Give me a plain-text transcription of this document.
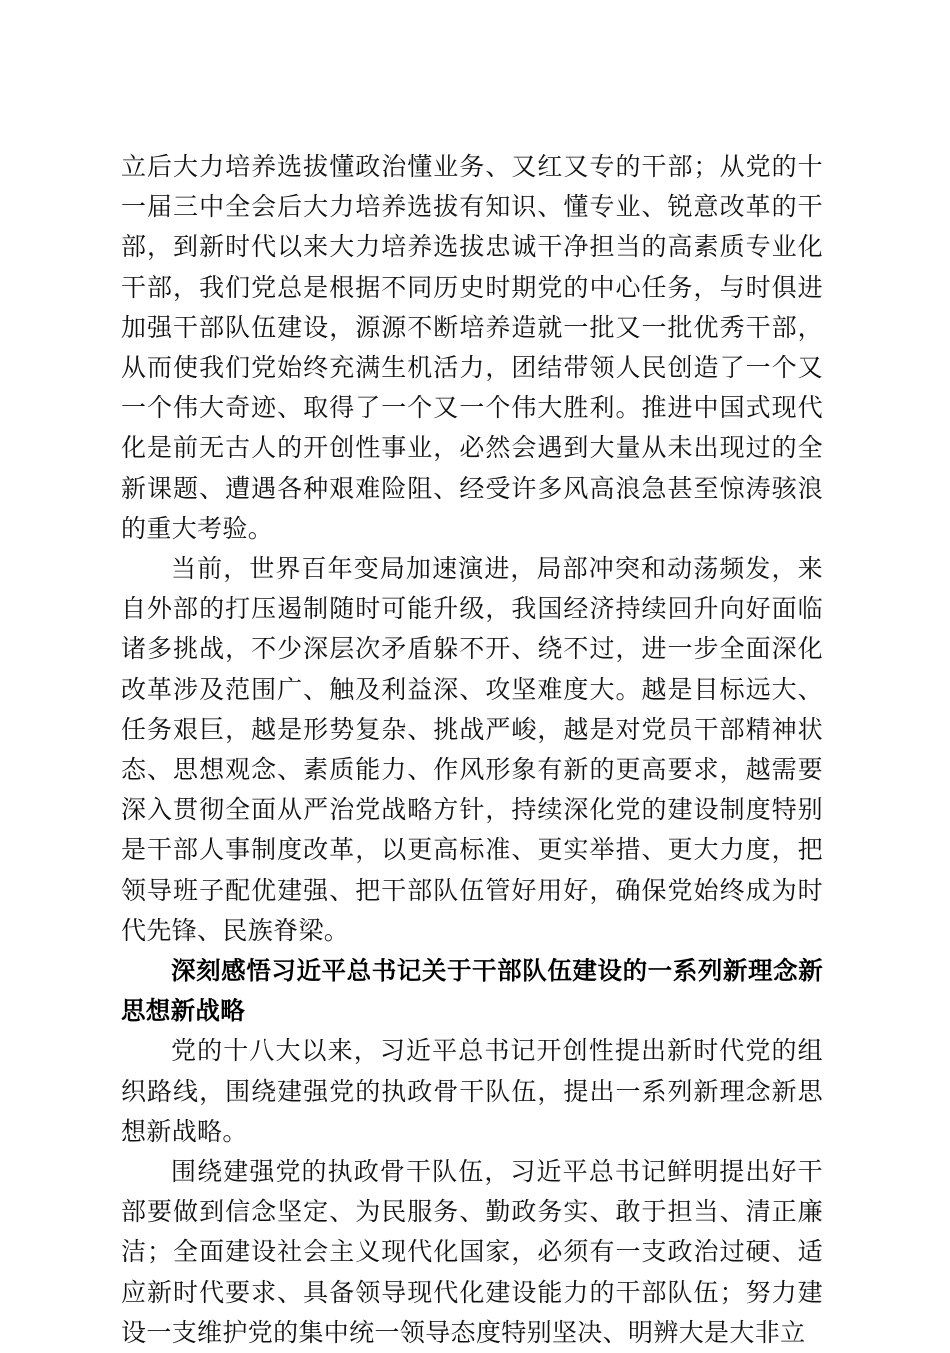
立后大力培养选拔懂政治懂业务、又红又专的干部；从党的十一届三中全会后大力培养选拔有知识、懂专业、锐意改革的干部，到新时代以来大力培养选拔忠诚干净担当的高素质专业化干部，我们党总是根据不同历史时期党的中心任务，与时俱进加强干部队伍建设，源源不断培养造就一批又一批优秀干部，从而使我们党始终充满生机活力，团结带领人民创造了一个又一个伟大奇迹、取得了一个又一个伟大胜利。推进中国式现代化是前无古人的开创性事业，必然会遇到大量从未出现过的全新课题、遭遇各种艰难险阻、经受许多风高浪急甚至惊涛骇浪的重大考验。

当前，世界百年变局加速演进，局部冲突和动荡频发，来自外部的打压遏制随时可能升级，我国经济持续回升向好面临诸多挑战，不少深层次矛盾躲不开、绕不过，进一步全面深化改革涉及范围广、触及利益深、攻坚难度大。越是目标远大、任务艰巨，越是形势复杂、挑战严峻，越是对党员干部精神状态、思想观念、素质能力、作风形象有新的更高要求，越需要深入贯彻全面从严治党战略方针，持续深化党的建设制度特别是干部人事制度改革，以更高标准、更实举措、更大力度，把领导班子配优建强、把干部队伍管好用好，确保党始终成为时代先锋、民族脊梁。

深刻感悟习近平总书记关于干部队伍建设的一系列新理念新思想新战略

党的十八大以来，习近平总书记开创性提出新时代党的组织路线，围绕建强党的执政骨干队伍，提出一系列新理念新思想新战略。

围绕建强党的执政骨干队伍，习近平总书记鲜明提出好干部要做到信念坚定、为民服务、勤政务实、敢于担当、清正廉洁；全面建设社会主义现代化国家，必须有一支政治过硬、适应新时代要求、具备领导现代化建设能力的干部队伍；努力建设一支维护党的集中统一领导态度特别坚决、明辨大是大非立
